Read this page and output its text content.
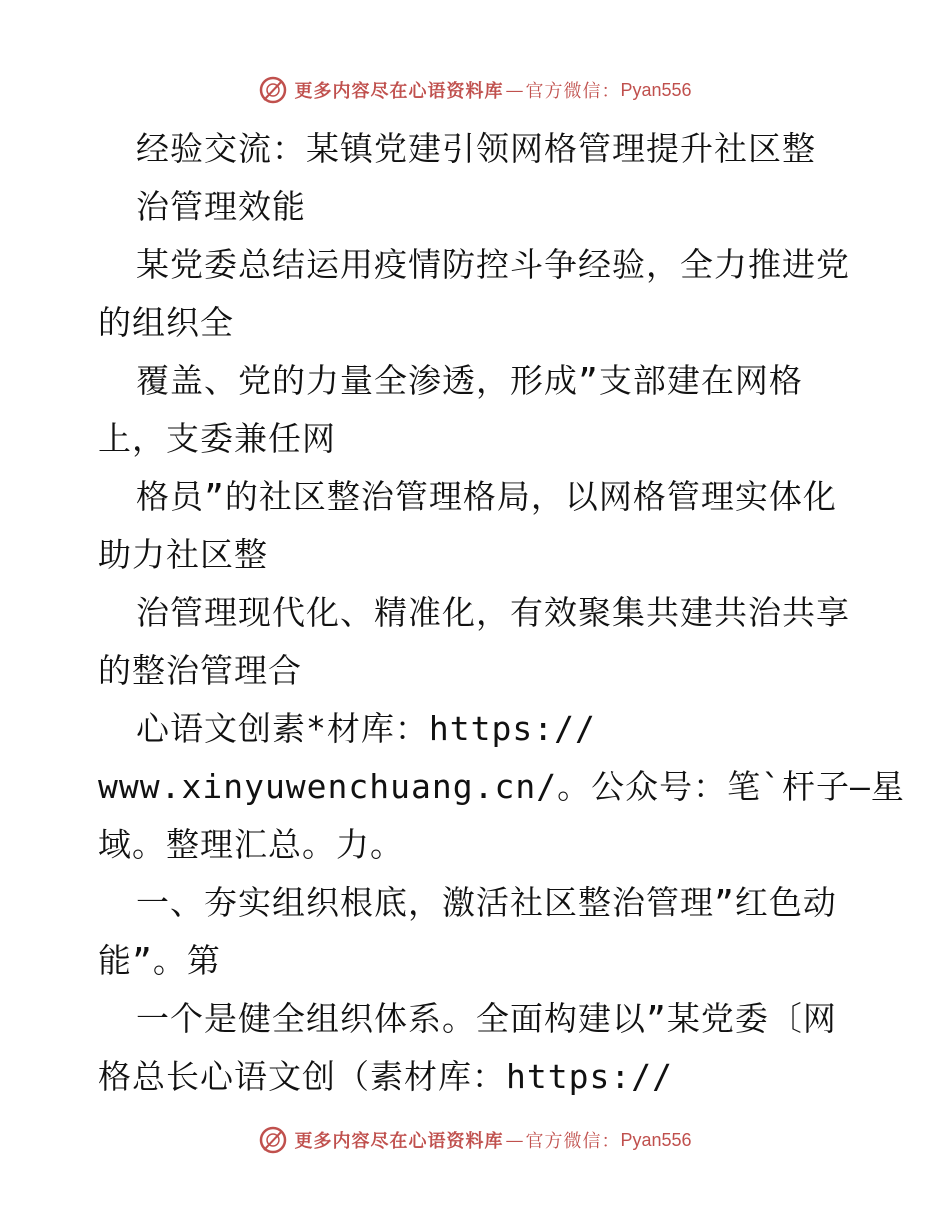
更多内容尽在心语资料库 — 官方微信： Pyan556
经验交流：某镇党建引领网格管理提升社区整
治管理效能
某党委总结运用疫情防控斗争经验，全力推进党
的组织全
覆盖、党的力量全渗透，形成”支部建在网格
上，支委兼任网
格员”的社区整治管理格局，以网格管理实体化
助力社区整
治管理现代化、精准化，有效聚集共建共治共享
的整治管理合
心语文创素*材库：https://
www.xinyuwenchuang.cn/。公众号：笔`杆子—星
域。整理汇总。力。
一、夯实组织根底，激活社区整治管理”红色动
能”。第
一个是健全组织体系。全面构建以”某党委〔网
格总长心语文创（素材库：https://
更多内容尽在心语资料库 — 官方微信： Pyan556
